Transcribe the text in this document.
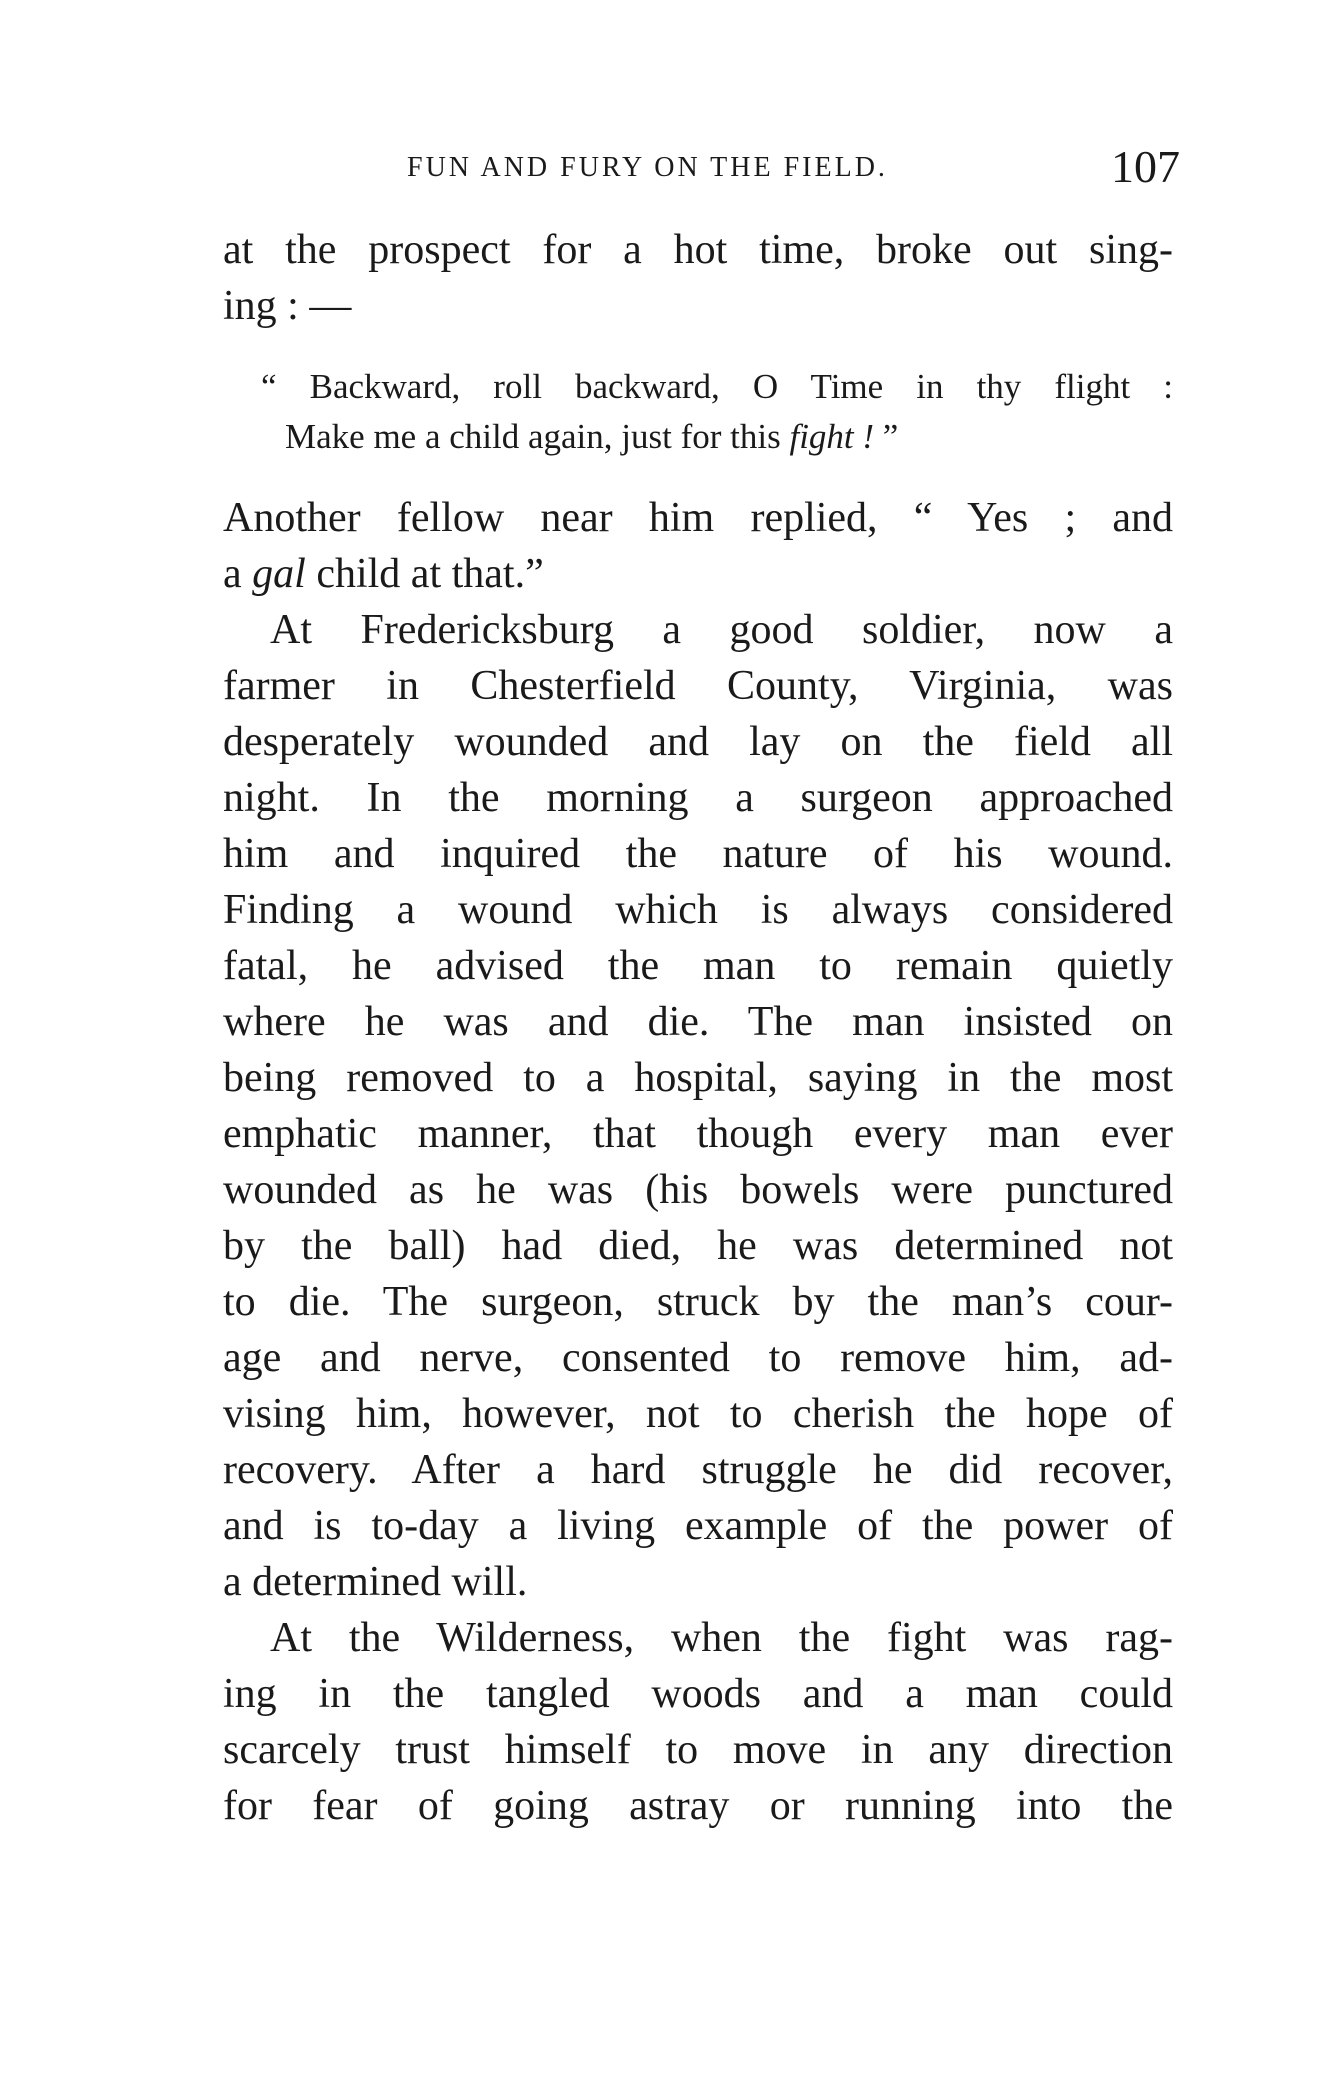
FUN AND FURY ON THE FIELD.	107
at the prospect for a hot time, broke out sing-
ing : —
“ Backward, roll backward, O Time in thy flight :
Make me a child again, just for this fight ! ”
Another fellow near him replied, “ Yes ; and
a gal child at that.”
At Fredericksburg a good soldier, now a
farmer in Chesterfield County, Virginia, was
desperately wounded and lay on the field all
night. In the morning a surgeon approached
him and inquired the nature of his wound.
Finding a wound which is always considered
fatal, he advised the man to remain quietly
where he was and die. The man insisted on
being removed to a hospital, saying in the most
emphatic manner, that though every man ever
wounded as he was (his bowels were punctured
by the ball) had died, he was determined not
to die. The surgeon, struck by the man’s cour-
age and nerve, consented to remove him, ad-
vising him, however, not to cherish the hope of
recovery. After a hard struggle he did recover,
and is to-day a living example of the power of
a determined will.
At the Wilderness, when the fight was rag-
ing in the tangled woods and a man could
scarcely trust himself to move in any direction
for fear of going astray or running into the
